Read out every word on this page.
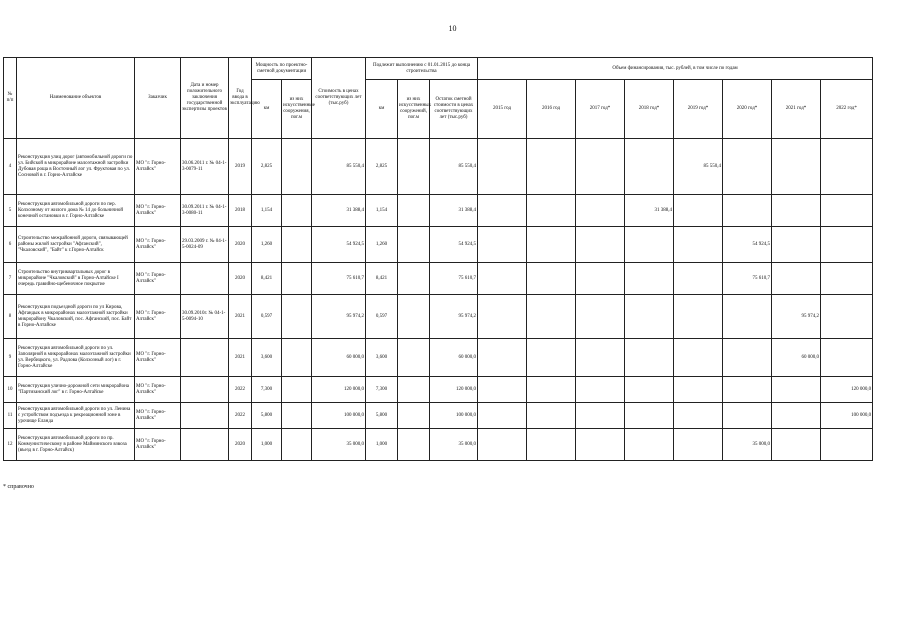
10
№ п/п	Наименование объектов	Заказчик	Дата и номер положительного заключения государственной экспертизы проектов	Год ввода в эксплуатацию	Мощность по проектно-сметной документации		Стоимость в ценах соответствующих лет (тыс.руб)	Подлежит выполнению с 01.01.2015 до конца строительства			Объем финансирования, тыс. рублей, в том числе по годам							
					км	из них искусственные сооружения, пог.м		км	из них искусственных сооружений, пог.м	Остаток сметной стоимости в ценах соответствующих лет (тыс.руб)	2015 год	2016 год	2017 год*	2018 год*	2019 год*	2020 год*	2021 год*	2022 год*
4	Реконструкция улиц дорог (автомобильной дороги по ул. Бийской в микрорайоне малоэтажной застройки Дубовая роща в Восточный лог ул. Фруктовая по ул. Сосновой в г. Горно-Алтайске	МО "г. Горно-Алтайск"	30.06.2011 г. № 04-1-3-0079-11	2019	2,825		85 550,4	2,825		85 550,4					85 550,4			
5	Реконструкция автомобильной дороги по пер. Колхозному от жилого дома № 14 до больничной конечной остановки в г. Горно-Алтайске	МО "г. Горно-Алтайск"	30.09.2011 г. № 04-1-3-0080-11	2018	1,154		31 388,4	1,154		31 388,4				31 388,4				
6	Строительство межрайонной дороги, связывающей районы жилой застройки "Афганский", "Чкаловский", "Байт" к г.Горно-Алтайск	МО "г. Горно-Алтайск"	29.03.2009 г. № 04-1-5-0024-09	2020	1,260		54 924,5	1,260		54 924,5						54 924,5		
7	Строительство внутриквартальных дорог в микрорайоне "Чкаловский" в Горно-Алтайске I очередь гравийно-щебеночное покрытие	МО "г. Горно-Алтайск"		2020	8,421		75 610,7	8,421		75 610,7						75 610,7		
8	Реконструкция подъездной дороги по ул Кирова, Афгандык в микрорайонах малоэтажной застройки микрорайону Чкаловский, пос. Афганский, пос. Байт в Горно-Алтайске	МО "г. Горно-Алтайск"	30.09.2010г. № 04-1-5-0094-10	2021	0,597		95 974,2	0,597		95 974,2							95 974,2	
9	Реконструкция автомобильной дороги по ул. Заполярной в микрорайонах малоэтажной застройки ул. Вербицкого, ул. Радлова (Колхозный лог) в г. Горно-Алтайске	МО "г. Горно-Алтайск"		2021	3,600		60 000,0	3,600		60 000,0							60 000,0	
10	Реконструкция улично-дорожной сети микрорайона "Партизанский лог" в г. Горно-Алтайске	МО "г. Горно-Алтайск"		2022	7,300		120 000,0	7,300		120 000,0								120 000,0
11	Реконструкция автомобильной дороги по ул. Ленина с устройством подъезда к рекреационной зоне в урочище Еланда	МО "г. Горно-Алтайск"		2022	5,800		100 000,0	5,800		100 000,0								100 000,0
12	Реконструкция автомобильной дороги по пр. Коммунистическому в районе Майминского взвоза (въезд в г. Горно-Алтайск)	МО "г. Горно-Алтайск"		2020	1,000		35 000,0	1,000		35 000,0						35 000,0		
* справочно
